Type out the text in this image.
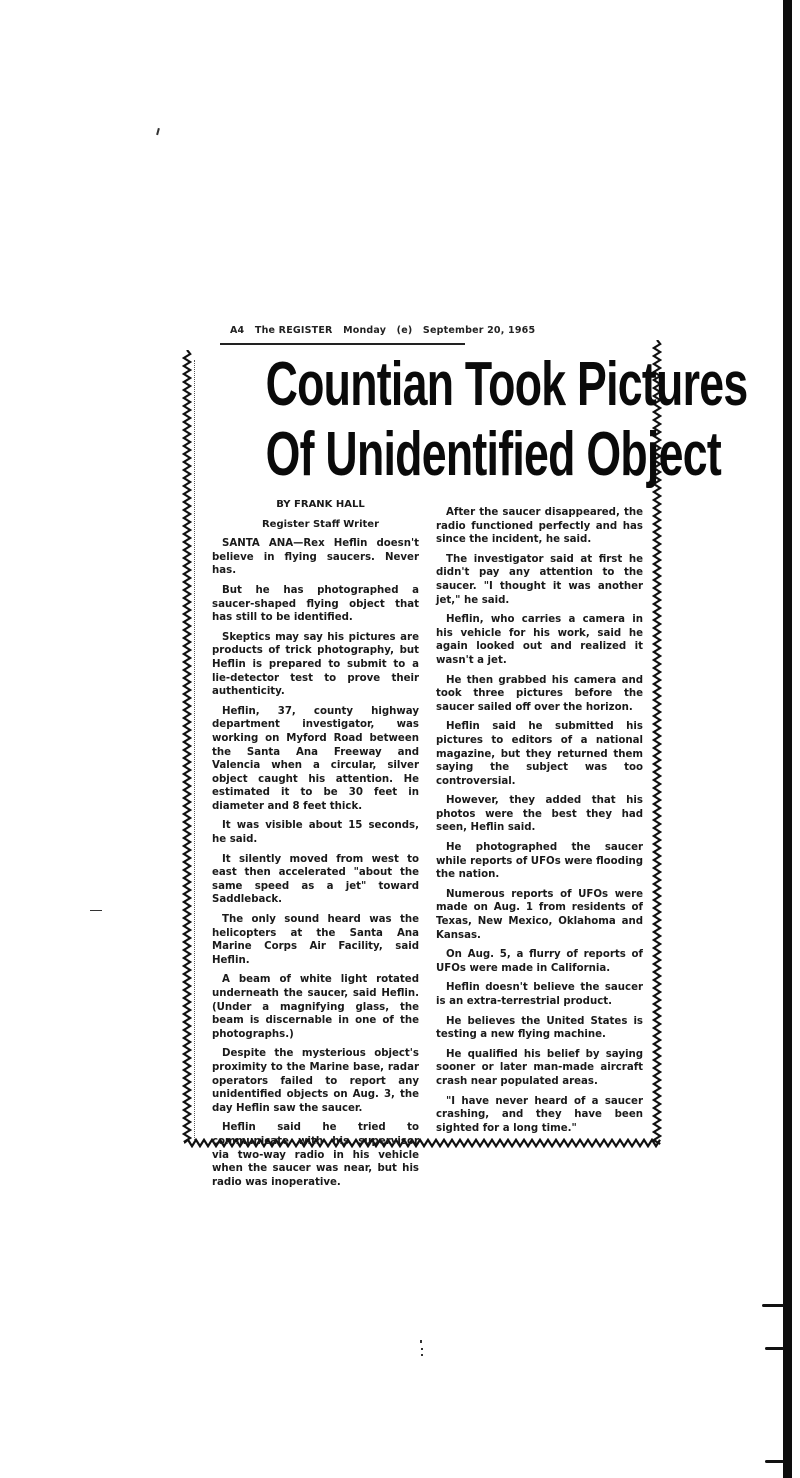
A4 The REGISTER Monday (e) September 20, 1965
Countian Took Pictures
Of Unidentified Object

BY FRANK HALL

Register Staff Writer

SANTA ANA—Rex Heflin doesn't believe in flying saucers. Never has.

But he has photographed a saucer-shaped flying object that has still to be identified.

Skeptics may say his pictures are products of trick photography, but Heflin is prepared to submit to a lie-detector test to prove their authenticity.

Heflin, 37, county highway department investigator, was working on Myford Road between the Santa Ana Freeway and Valencia when a circular, silver object caught his attention. He estimated it to be 30 feet in diameter and 8 feet thick.

It was visible about 15 seconds, he said.

It silently moved from west to east then accelerated "about the same speed as a jet" toward Saddleback.

The only sound heard was the helicopters at the Santa Ana Marine Corps Air Facility, said Heflin.

A beam of white light rotated underneath the saucer, said Heflin. (Under a magnifying glass, the beam is discernable in one of the photographs.)

Despite the mysterious object's proximity to the Marine base, radar operators failed to report any unidentified objects on Aug. 3, the day Heflin saw the saucer.

Heflin said he tried to communicate with his supervisor via two-way radio in his vehicle when the saucer was near, but his radio was inoperative.

After the saucer disappeared, the radio functioned perfectly and has since the incident, he said.

The investigator said at first he didn't pay any attention to the saucer. "I thought it was another jet," he said.

Heflin, who carries a camera in his vehicle for his work, said he again looked out and realized it wasn't a jet.

He then grabbed his camera and took three pictures before the saucer sailed off over the horizon.

Heflin said he submitted his pictures to editors of a national magazine, but they returned them saying the subject was too controversial.

However, they added that his photos were the best they had seen, Heflin said.

He photographed the saucer while reports of UFOs were flooding the nation.

Numerous reports of UFOs were made on Aug. 1 from residents of Texas, New Mexico, Oklahoma and Kansas.

On Aug. 5, a flurry of reports of UFOs were made in California.

Heflin doesn't believe the saucer is an extra-terrestrial product.

He believes the United States is testing a new flying machine.

He qualified his belief by saying sooner or later man-made aircraft crash near populated areas.

"I have never heard of a saucer crashing, and they have been sighted for a long time."
